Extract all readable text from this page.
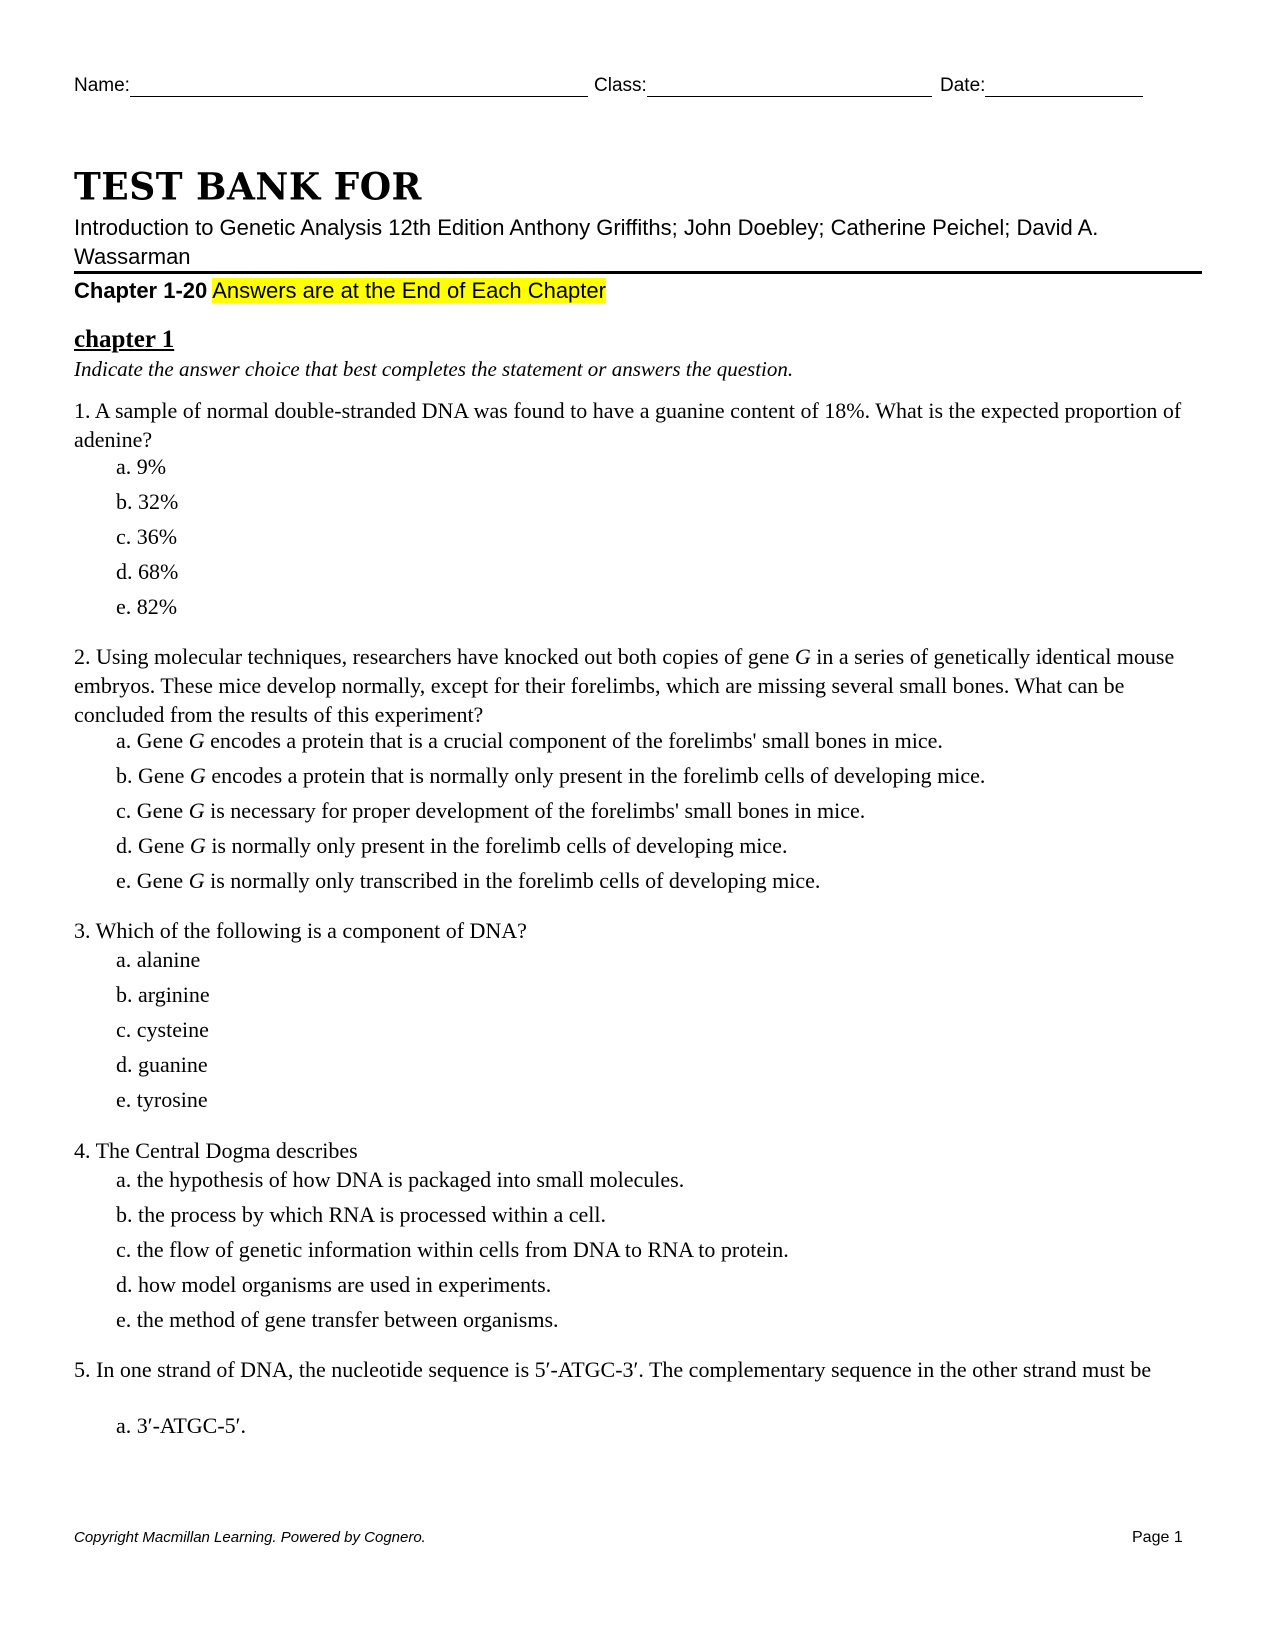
Name:	Class:	Date:
TEST BANK FOR
Introduction to Genetic Analysis 12th Edition Anthony Griffiths; John Doebley; Catherine Peichel; David A. Wassarman
Chapter 1-20 Answers are at the End of Each Chapter
chapter 1
Indicate the answer choice that best completes the statement or answers the question.
1. A sample of normal double-stranded DNA was found to have a guanine content of 18%. What is the expected proportion of adenine?
a. 9%
b. 32%
c. 36%
d. 68%
e. 82%
2. Using molecular techniques, researchers have knocked out both copies of gene G in a series of genetically identical mouse embryos. These mice develop normally, except for their forelimbs, which are missing several small bones. What can be concluded from the results of this experiment?
a. Gene G encodes a protein that is a crucial component of the forelimbs' small bones in mice.
b. Gene G encodes a protein that is normally only present in the forelimb cells of developing mice.
c. Gene G is necessary for proper development of the forelimbs' small bones in mice.
d. Gene G is normally only present in the forelimb cells of developing mice.
e. Gene G is normally only transcribed in the forelimb cells of developing mice.
3. Which of the following is a component of DNA?
a. alanine
b. arginine
c. cysteine
d. guanine
e. tyrosine
4. The Central Dogma describes
a. the hypothesis of how DNA is packaged into small molecules.
b. the process by which RNA is processed within a cell.
c. the flow of genetic information within cells from DNA to RNA to protein.
d. how model organisms are used in experiments.
e. the method of gene transfer between organisms.
5. In one strand of DNA, the nucleotide sequence is 5′-ATGC-3′. The complementary sequence in the other strand must be
a. 3′-ATGC-5′.
Copyright Macmillan Learning. Powered by Cognero.	Page 1
